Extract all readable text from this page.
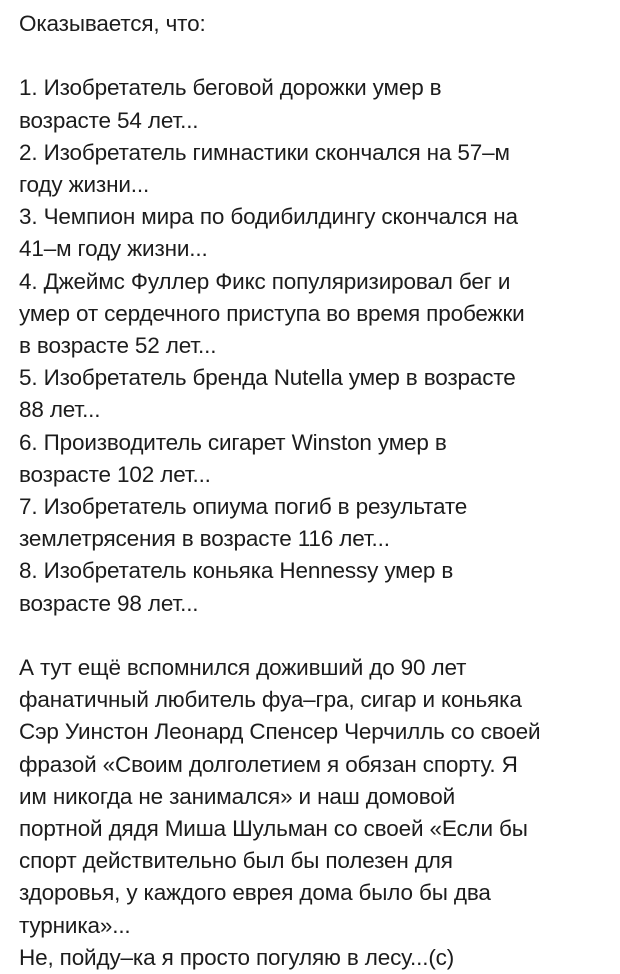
Оказывается, что:
1. Изобретатель беговой дорожки умер в
возрасте 54 лет...
2. Изобретатель гимнастики скончался на 57–м
году жизни...
3. Чемпион мира по бодибилдингу скончался на
41–м году жизни...
4. Джеймс Фуллер Фикс популяризировал бег и
умер от сердечного приступа во время пробежки
в возрасте 52 лет...
5. Изобретатель бренда Nutella умер в возрасте
88 лет...
6. Производитель сигарет Winston умер в
возрасте 102 лет...
7. Изобретатель опиума погиб в результате
землетрясения в возрасте 116 лет...
8. Изобретатель коньяка Hennessy умер в
возрасте 98 лет...
А тут ещё вспомнился доживший до 90 лет
фанатичный любитель фуа–гра, сигар и коньяка
Сэр Уинстон Леонард Спенсер Черчилль со своей
фразой «Своим долголетием я обязан спорту. Я
им никогда не занимался» и наш домовой
портной дядя Миша Шульман со своей «Если бы
спорт действительно был бы полезен для
здоровья, у каждого еврея дома было бы два
турника»...
Не, пойду–ка я просто погуляю в лесу...(с)
